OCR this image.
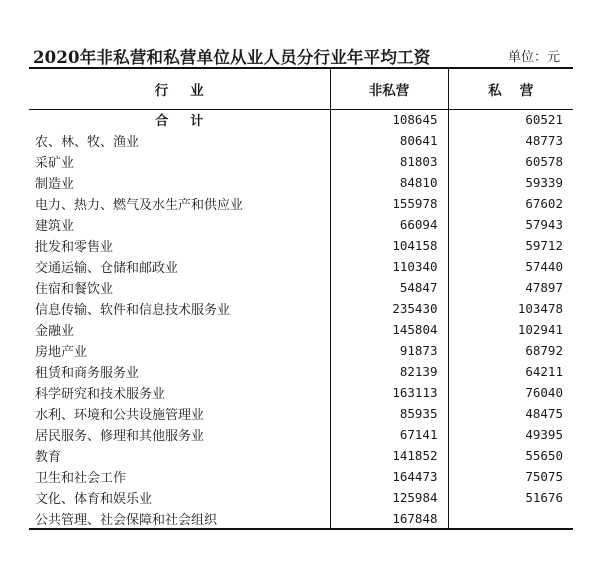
2020年非私营和私营单位从业人员分行业年平均工资	单位：元
行业	非私营	私营
合计	108645	60521
农、林、牧、渔业	80641	48773
采矿业	81803	60578
制造业	84810	59339
电力、热力、燃气及水生产和供应业	155978	67602
建筑业	66094	57943
批发和零售业	104158	59712
交通运输、仓储和邮政业	110340	57440
住宿和餐饮业	54847	47897
信息传输、软件和信息技术服务业	235430	103478
金融业	145804	102941
房地产业	91873	68792
租赁和商务服务业	82139	64211
科学研究和技术服务业	163113	76040
水利、环境和公共设施管理业	85935	48475
居民服务、修理和其他服务业	67141	49395
教育	141852	55650
卫生和社会工作	164473	75075
文化、体育和娱乐业	125984	51676
公共管理、社会保障和社会组织	167848	
